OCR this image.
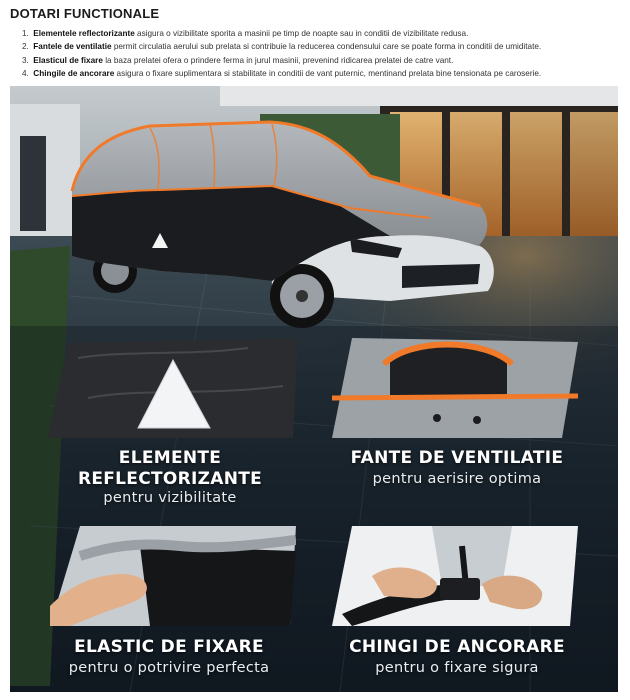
DOTARI FUNCTIONALE
1. Elementele reflectorizante asigura o vizibilitate sporita a masinii pe timp de noapte sau in conditii de vizibilitate redusa.
2. Fantele de ventilatie permit circulatia aerului sub prelata si contribuie la reducerea condensului care se poate forma in conditii de umiditate.
3. Elasticul de fixare la baza prelatei ofera o prindere ferma in jurul masinii, prevenind ridicarea prelatei de catre vant.
4. Chingile de ancorare asigura o fixare suplimentara si stabilitate in conditii de vant puternic, mentinand prelata bine tensionata pe caroserie.
ELEMENTE
REFLECTORIZANTE
pentru vizibilitate
FANTE DE VENTILATIE
pentru aerisire optima
ELASTIC DE FIXARE
pentru o potrivire perfecta
CHINGI DE ANCORARE
pentru o fixare sigura
